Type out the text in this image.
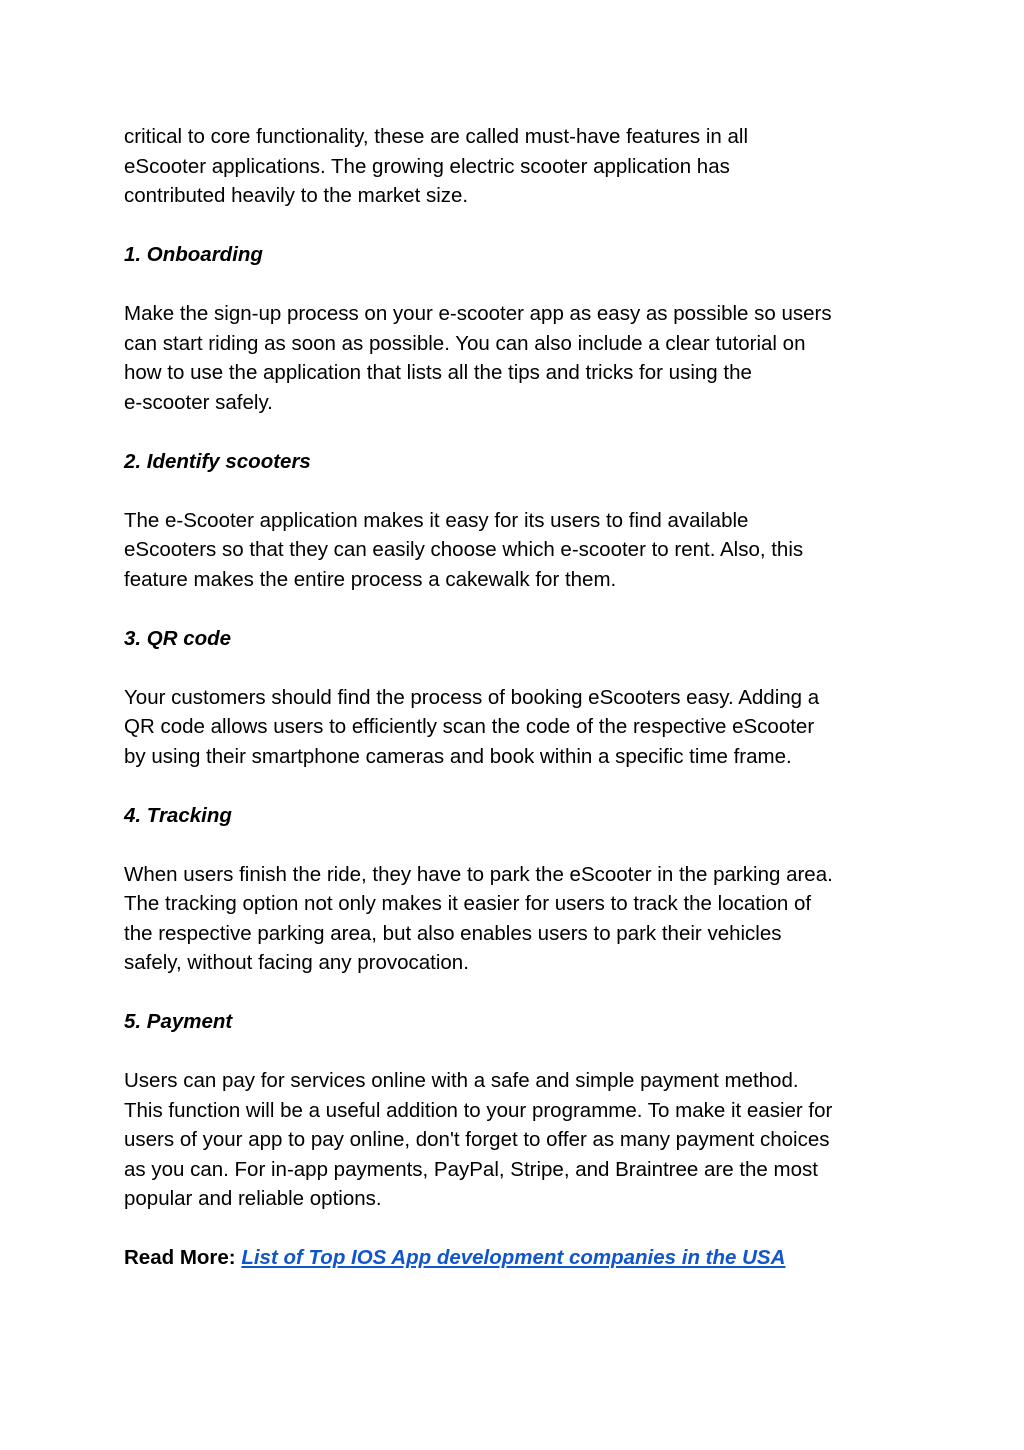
critical to core functionality, these are called must-have features in all
eScooter applications. The growing electric scooter application has
contributed heavily to the market size.

1. Onboarding

Make the sign-up process on your e-scooter app as easy as possible so users
can start riding as soon as possible. You can also include a clear tutorial on
how to use the application that lists all the tips and tricks for using the
e-scooter safely.

2. Identify scooters

The e-Scooter application makes it easy for its users to find available
eScooters so that they can easily choose which e-scooter to rent. Also, this
feature makes the entire process a cakewalk for them.

3. QR code

Your customers should find the process of booking eScooters easy. Adding a
QR code allows users to efficiently scan the code of the respective eScooter
by using their smartphone cameras and book within a specific time frame.

4. Tracking

When users finish the ride, they have to park the eScooter in the parking area.
The tracking option not only makes it easier for users to track the location of
the respective parking area, but also enables users to park their vehicles
safely, without facing any provocation.

5. Payment

Users can pay for services online with a safe and simple payment method.
This function will be a useful addition to your programme. To make it easier for
users of your app to pay online, don't forget to offer as many payment choices
as you can. For in-app payments, PayPal, Stripe, and Braintree are the most
popular and reliable options.

Read More: List of Top IOS App development companies in the USA
